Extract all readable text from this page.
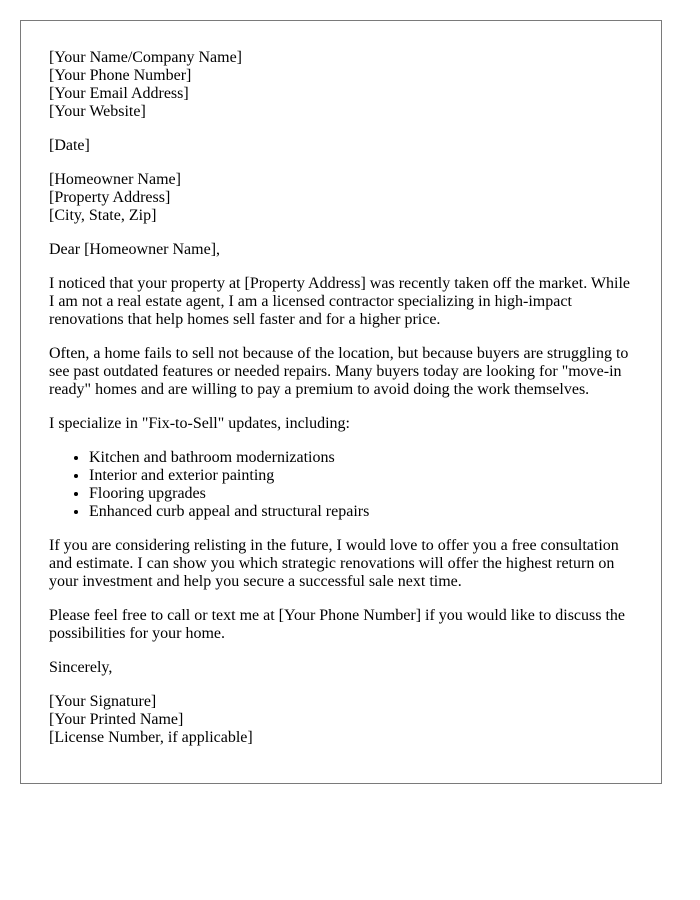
[Your Name/Company Name]
[Your Phone Number]
[Your Email Address]
[Your Website]

[Date]

[Homeowner Name]
[Property Address]
[City, State, Zip]

Dear [Homeowner Name],

I noticed that your property at [Property Address] was recently taken off the market. While I am not a real estate agent, I am a licensed contractor specializing in high-impact renovations that help homes sell faster and for a higher price.

Often, a home fails to sell not because of the location, but because buyers are struggling to see past outdated features or needed repairs. Many buyers today are looking for "move-in ready" homes and are willing to pay a premium to avoid doing the work themselves.

I specialize in "Fix-to-Sell" updates, including:

• Kitchen and bathroom modernizations
• Interior and exterior painting
• Flooring upgrades
• Enhanced curb appeal and structural repairs

If you are considering relisting in the future, I would love to offer you a free consultation and estimate. I can show you which strategic renovations will offer the highest return on your investment and help you secure a successful sale next time.

Please feel free to call or text me at [Your Phone Number] if you would like to discuss the possibilities for your home.

Sincerely,

[Your Signature]
[Your Printed Name]
[License Number, if applicable]
